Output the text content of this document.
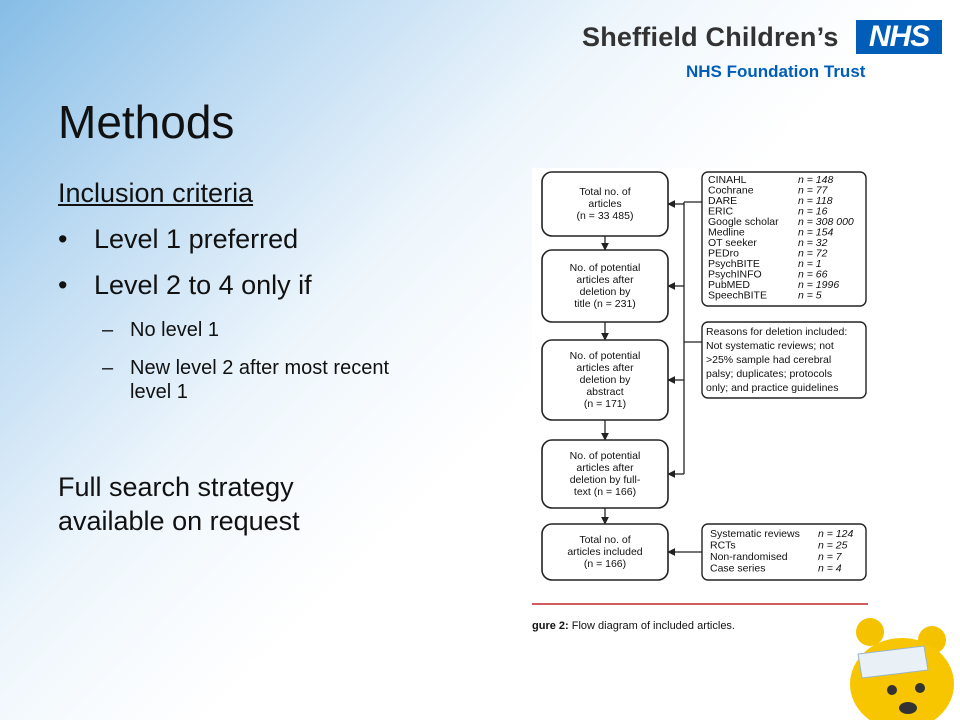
Sheffield Children’s	NHS
NHS Foundation Trust
Methods
Inclusion criteria
• Level 1 preferred
• Level 2 to 4 only if
– No level 1
– New level 2 after most recent level 1
Full search strategy available on request
Total no. of
articles
(n = 33 485)
No. of potential
articles after
deletion by
title (n = 231)
No. of potential
articles after
deletion by
abstract
(n = 171)
No. of potential
articles after
deletion by full-
text (n = 166)
Total no. of
articles included
(n = 166)
CINAHL	n = 148
Cochrane	n = 77
DARE	n = 118
ERIC	n = 16
Google scholar n = 308 000
Medline	n = 154
OT seeker	n = 32
PEDro	n = 72
PsychBITE	n = 1
PsychINFO	n = 66
PubMED	n = 1996
SpeechBITE	n = 5
Reasons for deletion included:
Not systematic reviews; not
>25% sample had cerebral
palsy; duplicates; protocols
only; and practice guidelines
Systematic reviews n = 124
RCTs	n = 25
Non-randomised	n = 7
Case series	n = 4
gure 2: Flow diagram of included articles.
